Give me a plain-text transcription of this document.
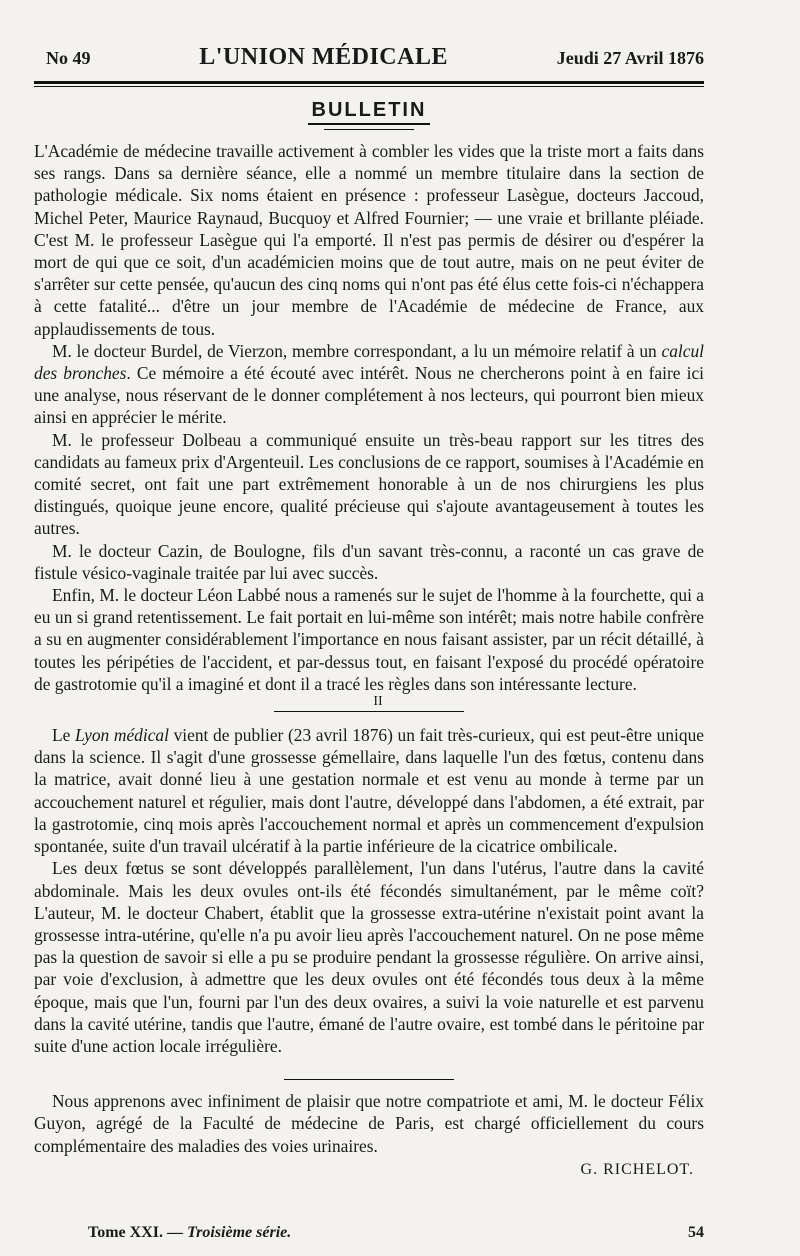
No 49	L'UNION MÉDICALE	Jeudi 27 Avril 1876
BULLETIN

L'Académie de médecine travaille activement à combler les vides que la triste mort a faits dans ses rangs. Dans sa dernière séance, elle a nommé un membre titulaire dans la section de pathologie médicale. Six noms étaient en présence : professeur Lasègue, docteurs Jaccoud, Michel Peter, Maurice Raynaud, Bucquoy et Alfred Fournier; — une vraie et brillante pléiade. C'est M. le professeur Lasègue qui l'a emporté. Il n'est pas permis de désirer ou d'espérer la mort de qui que ce soit, d'un académicien moins que de tout autre, mais on ne peut éviter de s'arrêter sur cette pensée, qu'aucun des cinq noms qui n'ont pas été élus cette fois-ci n'échappera à cette fatalité... d'être un jour membre de l'Académie de médecine de France, aux applaudissements de tous.

M. le docteur Burdel, de Vierzon, membre correspondant, a lu un mémoire relatif à un calcul des bronches. Ce mémoire a été écouté avec intérêt. Nous ne chercherons point à en faire ici une analyse, nous réservant de le donner complétement à nos lecteurs, qui pourront bien mieux ainsi en apprécier le mérite.

M. le professeur Dolbeau a communiqué ensuite un très-beau rapport sur les titres des candidats au fameux prix d'Argenteuil. Les conclusions de ce rapport, soumises à l'Académie en comité secret, ont fait une part extrêmement honorable à un de nos chirurgiens les plus distingués, quoique jeune encore, qualité précieuse qui s'ajoute avantageusement à toutes les autres.

M. le docteur Cazin, de Boulogne, fils d'un savant très-connu, a raconté un cas grave de fistule vésico-vaginale traitée par lui avec succès.

Enfin, M. le docteur Léon Labbé nous a ramenés sur le sujet de l'homme à la fourchette, qui a eu un si grand retentissement. Le fait portait en lui-même son intérêt; mais notre habile confrère a su en augmenter considérablement l'importance en nous faisant assister, par un récit détaillé, à toutes les péripéties de l'accident, et par-dessus tout, en faisant l'exposé du procédé opératoire de gastrotomie qu'il a imaginé et dont il a tracé les règles dans son intéressante lecture.

II

Le Lyon médical vient de publier (23 avril 1876) un fait très-curieux, qui est peut-être unique dans la science. Il s'agit d'une grossesse gémellaire, dans laquelle l'un des fœtus, contenu dans la matrice, avait donné lieu à une gestation normale et est venu au monde à terme par un accouchement naturel et régulier, mais dont l'autre, développé dans l'abdomen, a été extrait, par la gastrotomie, cinq mois après l'accouchement normal et après un commencement d'expulsion spontanée, suite d'un travail ulcératif à la partie inférieure de la cicatrice ombilicale.

Les deux fœtus se sont développés parallèlement, l'un dans l'utérus, l'autre dans la cavité abdominale. Mais les deux ovules ont-ils été fécondés simultanément, par le même coït? L'auteur, M. le docteur Chabert, établit que la grossesse extra-utérine n'existait point avant la grossesse intra-utérine, qu'elle n'a pu avoir lieu après l'accouchement naturel. On ne pose même pas la question de savoir si elle a pu se produire pendant la grossesse régulière. On arrive ainsi, par voie d'exclusion, à admettre que les deux ovules ont été fécondés tous deux à la même époque, mais que l'un, fourni par l'un des deux ovaires, a suivi la voie naturelle et est parvenu dans la cavité utérine, tandis que l'autre, émané de l'autre ovaire, est tombé dans le péritoine par suite d'une action locale irrégulière.

Nous apprenons avec infiniment de plaisir que notre compatriote et ami, M. le docteur Félix Guyon, agrégé de la Faculté de médecine de Paris, est chargé officiellement du cours complémentaire des maladies des voies urinaires.

G. RICHELOT.
Tome XXI. — Troisième série.	54
